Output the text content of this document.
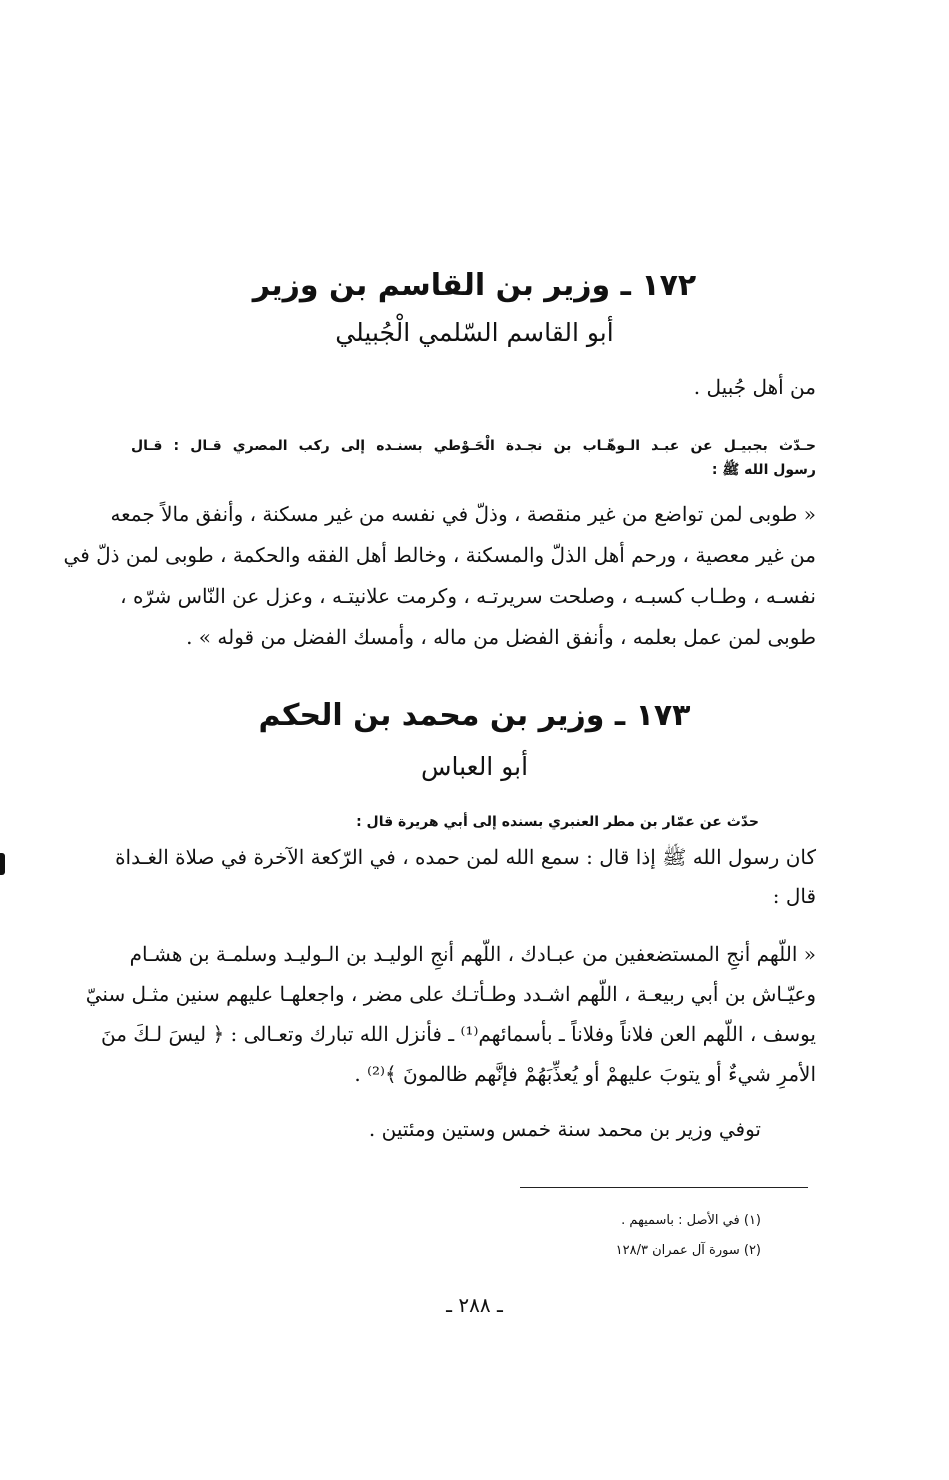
١٧٢ ـ وزير بن القاسم بن وزير
أبو القاسم السّلمي الْجُبيلي
من أهل جُبيل .
حـدّث بجبيـل عن عبـد الـوهّـاب بن نجـدة الْحَـوْطي بسنـده إلى ركب المصري قـال : قـال
رسول الله ﷺ :
« طوبى لمن تواضع من غير منقصة ، وذلّ في نفسه من غير مسكنة ، وأنفق مالاً جمعه
من غير معصية ، ورحم أهل الذلّ والمسكنة ، وخالط أهل الفقه والحكمة ، طوبى لمن ذلّ في
نفسـه ، وطـاب كسبـه ، وصلحت سريرتـه ، وكرمت علانيتـه ، وعزل عن النّاس شرّه ،
طوبى لمن عمل بعلمه ، وأنفق الفضل من ماله ، وأمسك الفضل من قوله » .
١٧٣ ـ وزير بن محمد بن الحكم
أبو العباس
حدّث عن عمّار بن مطر العنبري بسنده إلى أبي هريرة قال :
كان رسول الله ﷺ إذا قال : سمع الله لمن حمده ، في الرّكعة الآخرة في صلاة الغـداة
قال :
« اللّهم أنجِ المستضعفين من عبـادك ، اللّهم أنجِ الوليـد بن الـوليـد وسلمـة بن هشـام
وعيّـاش بن أبي ربيعـة ، اللّهم اشـدد وطـأتـك على مضر ، واجعلهـا عليهم سنين مثـل سنيّ
يوسف ، اللّهم العن فلاناً وفلاناً ـ بأسمائهم⁽¹⁾ ـ فأنزل الله تبارك وتعـالى : ﴿ ليسَ لـكَ منَ
الأمرِ شيءٌ أو يتوبَ عليهمْ أو يُعذِّبَهُمْ فإنَّهم ظالمونَ ﴾⁽²⁾ .
توفي وزير بن محمد سنة خمس وستين ومئتين .
(١) في الأصل : باسميهم .
(٢) سورة آل عمران ١٢٨/٣
ـ ٢٨٨ ـ
